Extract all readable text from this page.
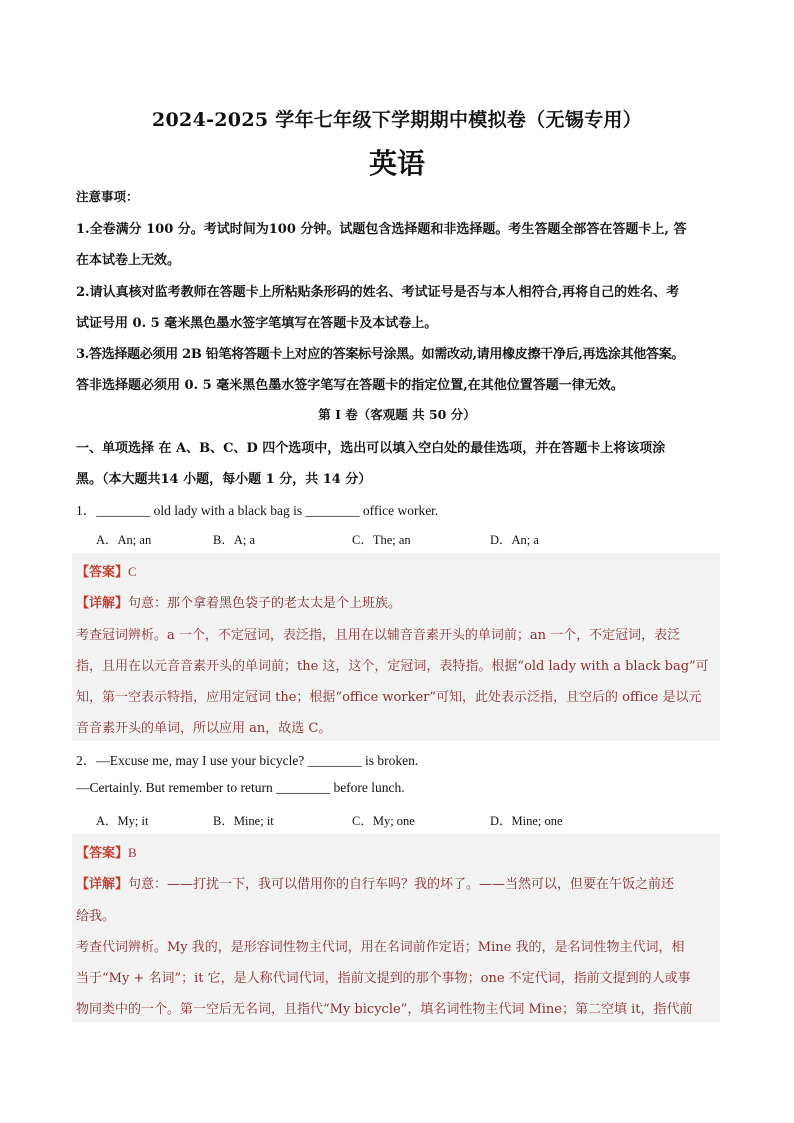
2024-2025 学年七年级下学期期中模拟卷（无锡专用）
英语
注意事项：
1.全卷满分 100 分。考试时间为100 分钟。试题包含选择题和非选择题。考生答题全部答在答题卡上, 答
在本试卷上无效。
2.请认真核对监考教师在答题卡上所粘贴条形码的姓名、考试证号是否与本人相符合,再将自己的姓名、考
试证号用 0. 5 毫米黑色墨水签字笔填写在答题卡及本试卷上。
3.答选择题必须用 2B 铅笔将答题卡上对应的答案标号涂黑。如需改动,请用橡皮擦干净后,再选涂其他答案。
答非选择题必须用 0. 5 毫米黑色墨水签字笔写在答题卡的指定位置,在其他位置答题一律无效。
第 I 卷（客观题 共 50 分）
一、单项选择 在 A、B、C、D 四个选项中，选出可以填入空白处的最佳选项，并在答题卡上将该项涂
黑。（本大题共14 小题，每小题 1 分，共 14 分）
1．________ old lady with a black bag is ________ office worker.
A．An; an	B．A; a	C．The; an	D．An; a
【答案】C
【详解】句意：那个拿着黑色袋子的老太太是个上班族。
考查冠词辨析。a 一个，不定冠词，表泛指，且用在以辅音音素开头的单词前；an 一个，不定冠词，表泛
指，且用在以元音音素开头的单词前；the 这，这个，定冠词，表特指。根据“old lady with a black bag”可
知，第一空表示特指，应用定冠词 the；根据“office worker”可知，此处表示泛指，且空后的 office 是以元
音音素开头的单词，所以应用 an，故选 C。
2．—Excuse me, may I use your bicycle? ________ is broken.
—Certainly. But remember to return ________ before lunch.
A．My; it	B．Mine; it	C．My; one	D．Mine; one
【答案】B
【详解】句意：——打扰一下，我可以借用你的自行车吗？我的坏了。——当然可以，但要在午饭之前还
给我。
考查代词辨析。My 我的，是形容词性物主代词，用在名词前作定语；Mine 我的，是名词性物主代词，相
当于“My + 名词”；it 它，是人称代词代词，指前文提到的那个事物；one 不定代词，指前文提到的人或事
物同类中的一个。第一空后无名词，且指代“My bicycle”，填名词性物主代词 Mine；第二空填 it，指代前
